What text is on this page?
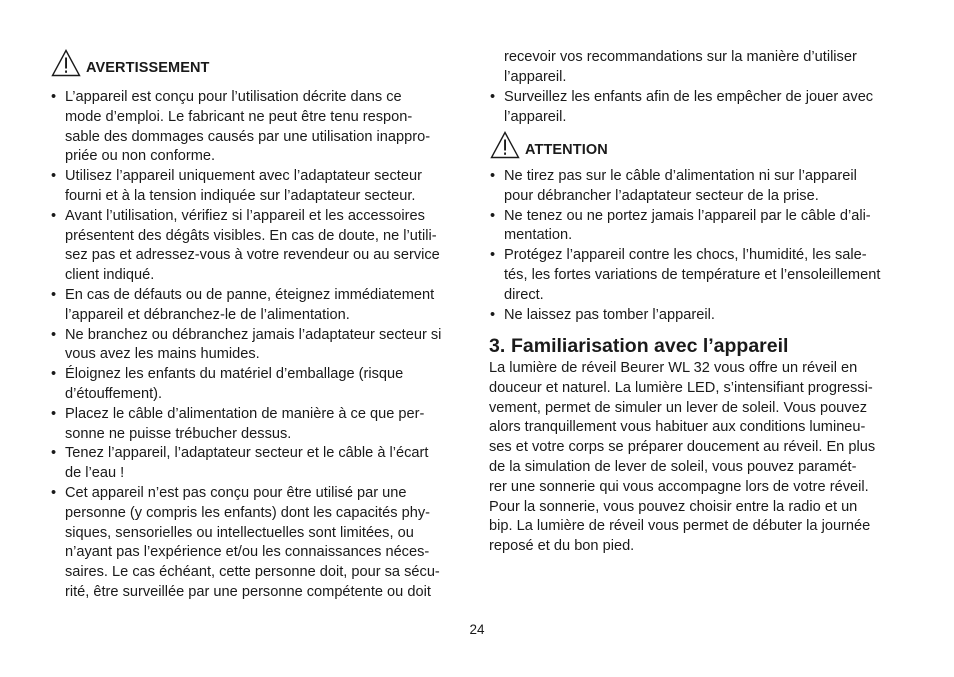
AVERTISSEMENT
• L’appareil est conçu pour l’utilisation décrite dans ce
mode d’emploi. Le fabricant ne peut être tenu respon-
sable des dommages causés par une utilisation inappro-
priée ou non conforme.
• Utilisez l’appareil uniquement avec l’adaptateur secteur
fourni et à la tension indiquée sur l’adaptateur secteur.
• Avant l’utilisation, vérifiez si l’appareil et les accessoires
présentent des dégâts visibles. En cas de doute, ne l’utili-
sez pas et adressez-vous à votre revendeur ou au service
client indiqué.
• En cas de défauts ou de panne, éteignez immédiatement
l’appareil et débranchez-le de l’alimentation.
• Ne branchez ou débranchez jamais l’adaptateur secteur si
vous avez les mains humides.
• Éloignez les enfants du matériel d’emballage (risque
d’étouffement).
• Placez le câble d’alimentation de manière à ce que per-
sonne ne puisse trébucher dessus.
• Tenez l’appareil, l’adaptateur secteur et le câble à l’écart
de l’eau !
• Cet appareil n’est pas conçu pour être utilisé par une
personne (y compris les enfants) dont les capacités phy-
siques, sensorielles ou intellectuelles sont limitées, ou
n’ayant pas l’expérience et/ou les connaissances néces-
saires. Le cas échéant, cette personne doit, pour sa sécu-
rité, être surveillée par une personne compétente ou doit
recevoir vos recommandations sur la manière d’utiliser
l’appareil.
• Surveillez les enfants afin de les empêcher de jouer avec
l’appareil.
ATTENTION
• Ne tirez pas sur le câble d’alimentation ni sur l’appareil
pour débrancher l’adaptateur secteur de la prise.
• Ne tenez ou ne portez jamais l’appareil par le câble d’ali-
mentation.
• Protégez l’appareil contre les chocs, l’humidité, les sale-
tés, les fortes variations de température et l’ensoleillement
direct.
• Ne laissez pas tomber l’appareil.
3. Familiarisation avec l’appareil
La lumière de réveil Beurer WL 32 vous offre un réveil en
douceur et naturel. La lumière LED, s’intensifiant progressi-
vement, permet de simuler un lever de soleil. Vous pouvez
alors tranquillement vous habituer aux conditions lumineu-
ses et votre corps se préparer doucement au réveil. En plus
de la simulation de lever de soleil, vous pouvez paramét-
rer une sonnerie qui vous accompagne lors de votre réveil.
Pour la sonnerie, vous pouvez choisir entre la radio et un
bip. La lumière de réveil vous permet de débuter la journée
reposé et du bon pied.
24
